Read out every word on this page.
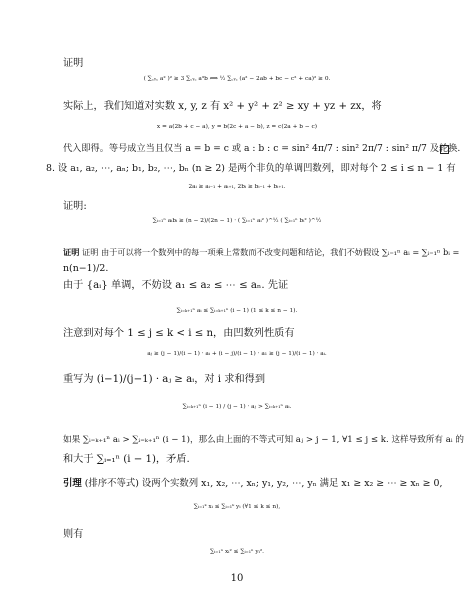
证明
( ∑꜀ᵧ꜀ a² )² ≥ 3 ∑꜀ᵧ꜀ a³b ⟺ ½ ∑꜀ᵧ꜀ (a² − 2ab + bc − c² + ca)² ≥ 0.
实际上，我们知道对实数 x, y, z 有 x² + y² + z² ≥ xy + yz + zx，将
x = a(2b + c − a), y = b(2c + a − b), z = c(2a + b − c)
代入即得。等号成立当且仅当 a = b = c 或 a : b : c = sin² 4π/7 : sin² 2π/7 : sin² π/7 及轮换.
8. 设 a₁, a₂, ⋯, aₙ; b₁, b₂, ⋯, bₙ (n ≥ 2) 是两个非负的单调凹数列，即对每个 2 ≤ i ≤ n − 1 有
2aᵢ ≥ aᵢ₋₁ + aᵢ₊₁, 2bᵢ ≥ bᵢ₋₁ + bᵢ₊₁.
证明:
∑ᵢ₌₁ⁿ aᵢbᵢ ≥ (n − 2)/(2n − 1) · ( ∑ᵢ₌₁ⁿ aᵢ² )^½ ( ∑ᵢ₌₁ⁿ bᵢ² )^½
证明 证明 由于可以将一个数列中的每一项乘上常数而不改变问题和结论，我们不妨假设 ∑ᵢ₌₁ⁿ aᵢ = ∑ᵢ₌₁ⁿ bᵢ =
n(n−1)/2.
由于 {aᵢ} 单调，不妨设 a₁ ≤ a₂ ≤ ⋯ ≤ aₙ. 先证
∑ᵢ₌ₖ₊₁ⁿ aᵢ ≤ ∑ᵢ₌ₖ₊₁ⁿ (i − 1) (1 ≤ k ≤ n − 1).
注意到对每个 1 ≤ j ≤ k < i ≤ n，由凹数列性质有
aⱼ ≥ (j − 1)/(i − 1) · aᵢ + (i − j)/(i − 1) · a₁ ≥ (j − 1)/(i − 1) · aᵢ.
重写为 (i−1)/(j−1) · aⱼ ≥ aᵢ，对 i 求和得到
∑ᵢ₌ₖ₊₁ⁿ (i − 1) / (j − 1) · aⱼ > ∑ᵢ₌ₖ₊₁ⁿ aᵢ.
如果 ∑ᵢ₌ₖ₊₁ⁿ aᵢ > ∑ᵢ₌ₖ₊₁ⁿ (i − 1)，那么由上面的不等式可知 aⱼ > j − 1, ∀1 ≤ j ≤ k. 这样导致所有 aᵢ 的
和大于 ∑ᵢ₌₁ⁿ (i − 1)，矛盾.
引理 (排序不等式) 设两个实数列 x₁, x₂, ⋯, xₙ; y₁, y₂, ⋯, yₙ 满足 x₁ ≥ x₂ ≥ ⋯ ≥ xₙ ≥ 0,
∑ᵢ₌₁ᵏ xᵢ ≤ ∑ᵢ₌₁ᵏ yᵢ (∀1 ≤ k ≤ n),
则有
∑ᵢ₌₁ⁿ xᵢ² ≤ ∑ᵢ₌₁ⁿ yᵢ².
10
